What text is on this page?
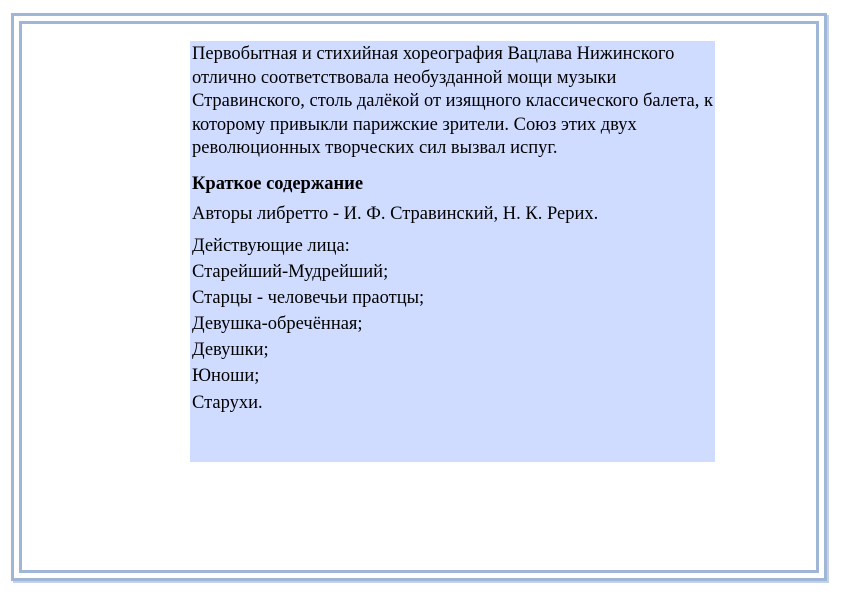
Первобытная и стихийная хореография Вацлава Нижинского отлично соответствовала необузданной мощи музыки Стравинского, столь далёкой от изящного классического балета, к которому привыкли парижские зрители. Союз этих двух революционных творческих сил вызвал испуг.

Краткое содержание

Авторы либретто - И. Ф. Стравинский, Н. К. Рерих.

Действующие лица:

Старейший-Мудрейший;
Старцы - человечьи праотцы;
Девушка-обречённая;
Девушки;
Юноши;
Старухи.
